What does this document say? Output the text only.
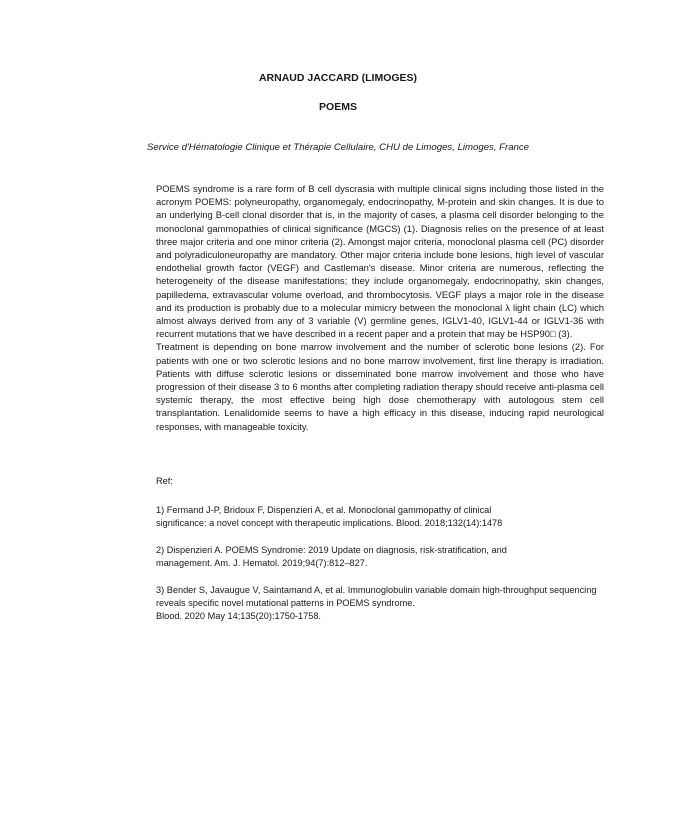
ARNAUD JACCARD (LIMOGES)
POEMS
Service d'Hématologie Clinique et Thérapie Cellulaire, CHU de Limoges, Limoges, France

POEMS syndrome is a rare form of B cell dyscrasia with multiple clinical signs including those listed in the acronym POEMS: polyneuropathy, organomegaly, endocrinopathy, M-protein and skin changes. It is due to an underlying B-cell clonal disorder that is, in the majority of cases, a plasma cell disorder belonging to the monoclonal gammopathies of clinical significance (MGCS) (1). Diagnosis relies on the presence of at least three major criteria and one minor criteria (2). Amongst major criteria, monoclonal plasma cell (PC) disorder and polyradiculoneuropathy are mandatory. Other major criteria include bone lesions, high level of vascular endothelial growth factor (VEGF) and Castleman's disease. Minor criteria are numerous, reflecting the heterogeneity of the disease manifestations; they include organomegaly, endocrinopathy, skin changes, papilledema, extravascular volume overload, and thrombocytosis. VEGF plays a major role in the disease and its production is probably due to a molecular mimicry between the monoclonal λ light chain (LC) which almost always derived from any of 3 variable (V) germline genes, IGLV1-40, IGLV1-44 or IGLV1-36 with recurrent mutations that we have described in a recent paper and a protein that may be HSP90□ (3).

Treatment is depending on bone marrow involvement and the number of sclerotic bone lesions (2). For patients with one or two sclerotic lesions and no bone marrow involvement, first line therapy is irradiation. Patients with diffuse sclerotic lesions or disseminated bone marrow involvement and those who have progression of their disease 3 to 6 months after completing radiation therapy should receive anti-plasma cell systemic therapy, the most effective being high dose chemotherapy with autologous stem cell transplantation. Lenalidomide seems to have a high efficacy in this disease, inducing rapid neurological responses, with manageable toxicity.

Ref:

1) Fermand J-P, Bridoux F, Dispenzieri A, et al. Monoclonal gammopathy of clinical
significance: a novel concept with therapeutic implications. Blood. 2018;132(14):1478

2) Dispenzieri A. POEMS Syndrome: 2019 Update on diagnosis, risk-stratification, and
management. Am. J. Hematol. 2019;94(7):812–827.

3) Bender S, Javaugue V, Saintamand A, et al. Immunoglobulin variable domain high-throughput sequencing
reveals specific novel mutational patterns in POEMS syndrome.
Blood. 2020 May 14;135(20):1750-1758.
